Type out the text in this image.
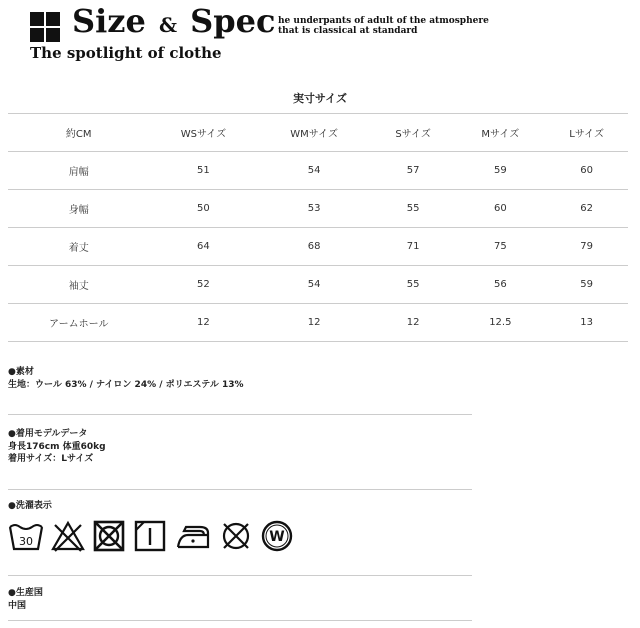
Size & Spec
The spotlight of clothe
he underpants of adult of the atmosphere
that is classical at standard
実寸サイズ
約CM	WSサイズ	WMサイズ	Sサイズ	Mサイズ	Lサイズ
肩幅	51	54	57	59	60
身幅	50	53	55	60	62
着丈	64	68	71	75	79
袖丈	52	54	55	56	59
アームホール	12	12	12	12.5	13
●素材
生地：ウール 63% / ナイロン 24% / ポリエステル 13%
●着用モデルデータ
身長176cm 体重60kg
着用サイズ：Lサイズ
●洗濯表示
30	W
●生産国
中国
